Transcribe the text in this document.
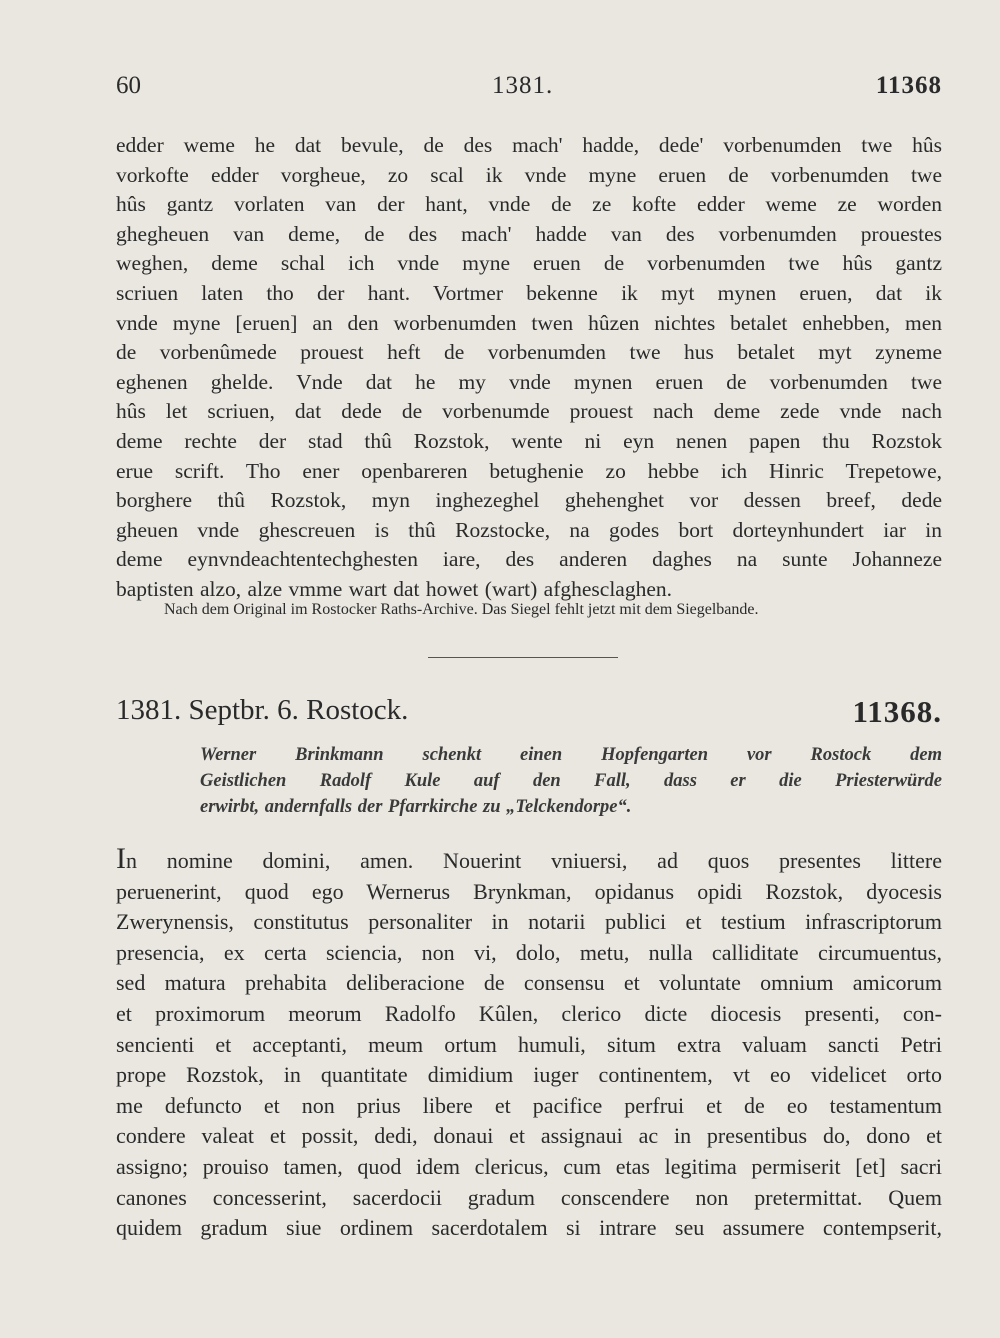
60	1381.	11368
edder weme he dat bevule, de des mach' hadde, dede' vorbenumden twe hûs
vorkofte edder vorgheue, zo scal ik vnde myne eruen de vorbenumden twe
hûs gantz vorlaten van der hant, vnde de ze kofte edder weme ze worden
ghegheuen van deme, de des mach' hadde van des vorbenumden prouestes
weghen, deme schal ich vnde myne eruen de vorbenumden twe hûs gantz
scriuen laten tho der hant. Vortmer bekenne ik myt mynen eruen, dat ik
vnde myne [eruen] an den worbenumden twen hûzen nichtes betalet enhebben, men
de vorbenûmede prouest heft de vorbenumden twe hus betalet myt zyneme
eghenen ghelde. Vnde dat he my vnde mynen eruen de vorbenumden twe
hûs let scriuen, dat dede de vorbenumde prouest nach deme zede vnde nach
deme rechte der stad thû Rozstok, wente ni eyn nenen papen thu Rozstok
erue scrift. Tho ener openbareren betughenie zo hebbe ich Hinric Trepetowe,
borghere thû Rozstok, myn inghezeghel ghehenghet vor dessen breef, dede
gheuen vnde ghescreuen is thû Rozstocke, na godes bort dorteynhundert iar in
deme eynvndeachtentechghesten iare, des anderen daghes na sunte Johanneze
baptisten alzo, alze vmme wart dat howet (wart) afghesclaghen.
Nach dem Original im Rostocker Raths-Archive. Das Siegel fehlt jetzt mit dem Siegelbande.
1381. Septbr. 6. Rostock.	11368.
Werner Brinkmann schenkt einen Hopfengarten vor Rostock dem
Geistlichen Radolf Kule auf den Fall, dass er die Priesterwürde
erwirbt, andernfalls der Pfarrkirche zu „Telckendorpe“.
In nomine domini, amen. Nouerint vniuersi, ad quos presentes littere
peruenerint, quod ego Wernerus Brynkman, opidanus opidi Rozstok, dyocesis
Zwerynensis, constitutus personaliter in notarii publici et testium infrascriptorum
presencia, ex certa sciencia, non vi, dolo, metu, nulla calliditate circumuentus,
sed matura prehabita deliberacione de consensu et voluntate omnium amicorum
et proximorum meorum Radolfo Kûlen, clerico dicte diocesis presenti, con-
sencienti et acceptanti, meum ortum humuli, situm extra valuam sancti Petri
prope Rozstok, in quantitate dimidium iuger continentem, vt eo videlicet orto
me defuncto et non prius libere et pacifice perfrui et de eo testamentum
condere valeat et possit, dedi, donaui et assignaui ac in presentibus do, dono et
assigno; prouiso tamen, quod idem clericus, cum etas legitima permiserit [et] sacri
canones concesserint, sacerdocii gradum conscendere non pretermittat. Quem
quidem gradum siue ordinem sacerdotalem si intrare seu assumere contempserit,
